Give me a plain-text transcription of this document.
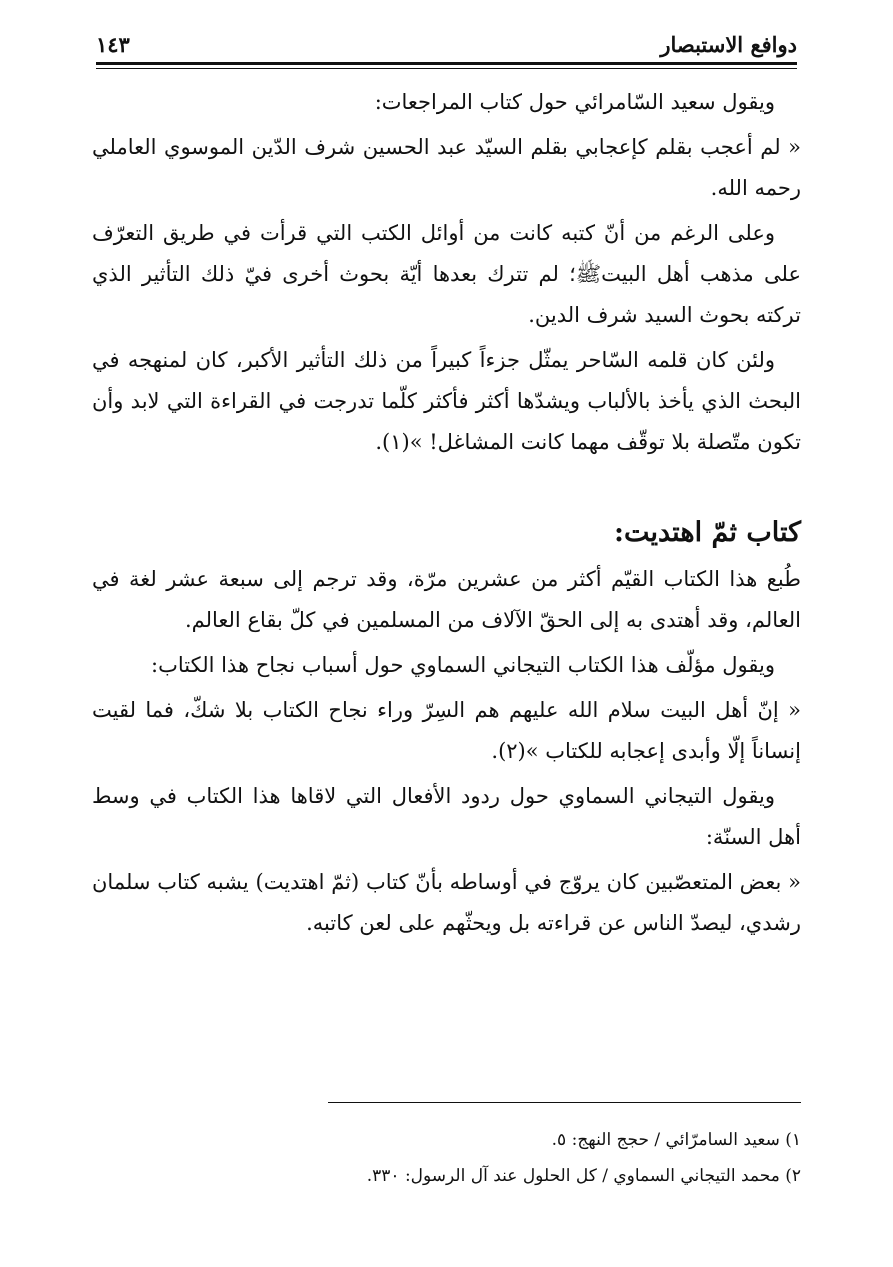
دوافع الاستبصار
١٤٣

ويقول سعيد السّامرائي حول كتاب المراجعات:

« لم أعجب بقلم كإعجابي بقلم السيّد عبد الحسين شرف الدّين الموسوي العاملي رحمه الله.

وعلى الرغم من أنّ كتبه كانت من أوائل الكتب التي قرأت في طريق التعرّف على مذهب أهل البيتﷺ؛ لم تترك بعدها أيّة بحوث أخرى فيّ ذلك التأثير الذي تركته بحوث السيد شرف الدين.

ولئن كان قلمه السّاحر يمثّل جزءاً كبيراً من ذلك التأثير الأكبر، كان لمنهجه في البحث الذي يأخذ بالألباب ويشدّها أكثر فأكثر كلّما تدرجت في القراءة التي لابد وأن تكون متّصلة بلا توقّف مهما كانت المشاغل! »(١).

كتاب ثمّ اهتديت:

طُبع هذا الكتاب القيّم أكثر من عشرين مرّة، وقد ترجم إلى سبعة عشر لغة في العالم، وقد أهتدى به إلى الحقّ الآلاف من المسلمين في كلّ بقاع العالم.

ويقول مؤلّف هذا الكتاب التيجاني السماوي حول أسباب نجاح هذا الكتاب:

« إنّ أهل البيت سلام الله عليهم هم السِرّ وراء نجاح الكتاب بلا شكّ، فما لقيت إنساناً إلّا وأبدى إعجابه للكتاب »(٢).

ويقول التيجاني السماوي حول ردود الأفعال التي لاقاها هذا الكتاب في وسط أهل السنّة:

« بعض المتعصّبين كان يروّج في أوساطه بأنّ كتاب (ثمّ اهتديت) يشبه كتاب سلمان رشدي، ليصدّ الناس عن قراءته بل ويحثّهم على لعن كاتبه.

١) سعيد السامرّائي / حجج النهج: ٥.
٢) محمد التيجاني السماوي / كل الحلول عند آل الرسول: ٣٣٠.
